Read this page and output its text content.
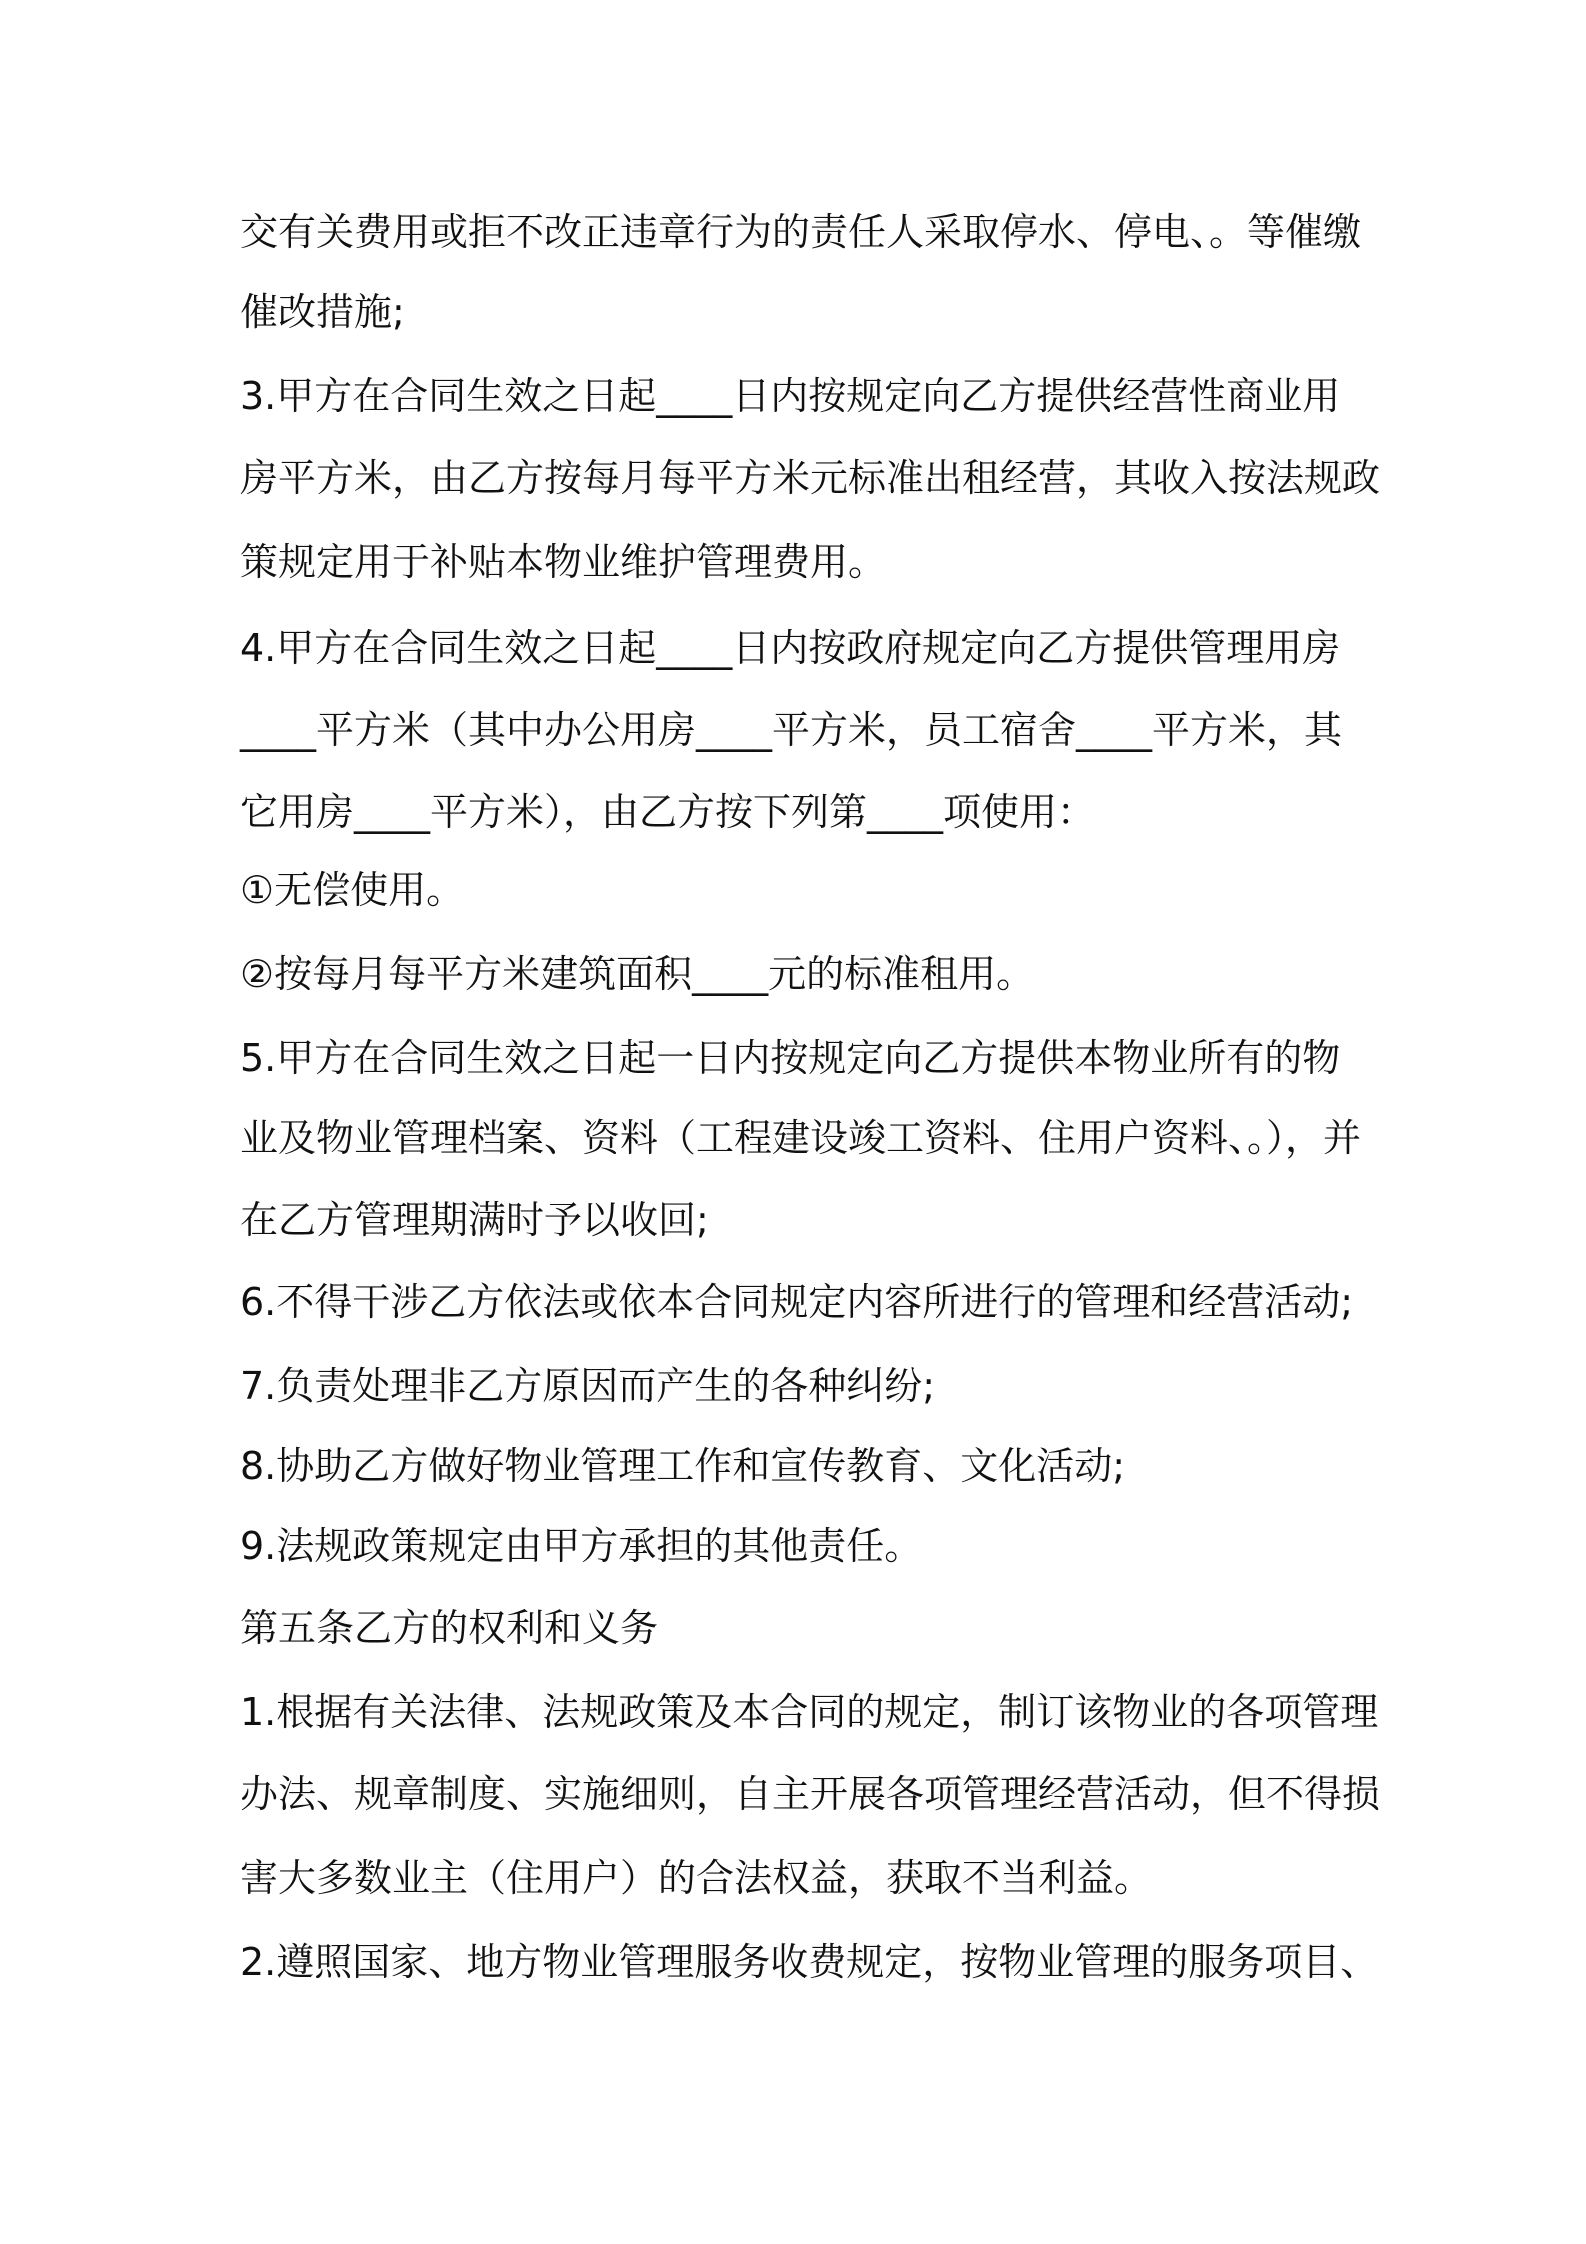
交有关费用或拒不改正违章行为的责任人采取停水、停电、。等催缴
催改措施;
3.甲方在合同生效之日起____日内按规定向乙方提供经营性商业用
房平方米，由乙方按每月每平方米元标准出租经营，其收入按法规政
策规定用于补贴本物业维护管理费用。
4.甲方在合同生效之日起____日内按政府规定向乙方提供管理用房
____平方米（其中办公用房____平方米，员工宿舍____平方米，其
它用房____平方米），由乙方按下列第____项使用：
①无偿使用。
②按每月每平方米建筑面积____元的标准租用。
5.甲方在合同生效之日起一日内按规定向乙方提供本物业所有的物
业及物业管理档案、资料（工程建设竣工资料、住用户资料、。），并
在乙方管理期满时予以收回;
6.不得干涉乙方依法或依本合同规定内容所进行的管理和经营活动;
7.负责处理非乙方原因而产生的各种纠纷;
8.协助乙方做好物业管理工作和宣传教育、文化活动;
9.法规政策规定由甲方承担的其他责任。
第五条乙方的权利和义务
1.根据有关法律、法规政策及本合同的规定，制订该物业的各项管理
办法、规章制度、实施细则，自主开展各项管理经营活动，但不得损
害大多数业主（住用户）的合法权益，获取不当利益。
2.遵照国家、地方物业管理服务收费规定，按物业管理的服务项目、
